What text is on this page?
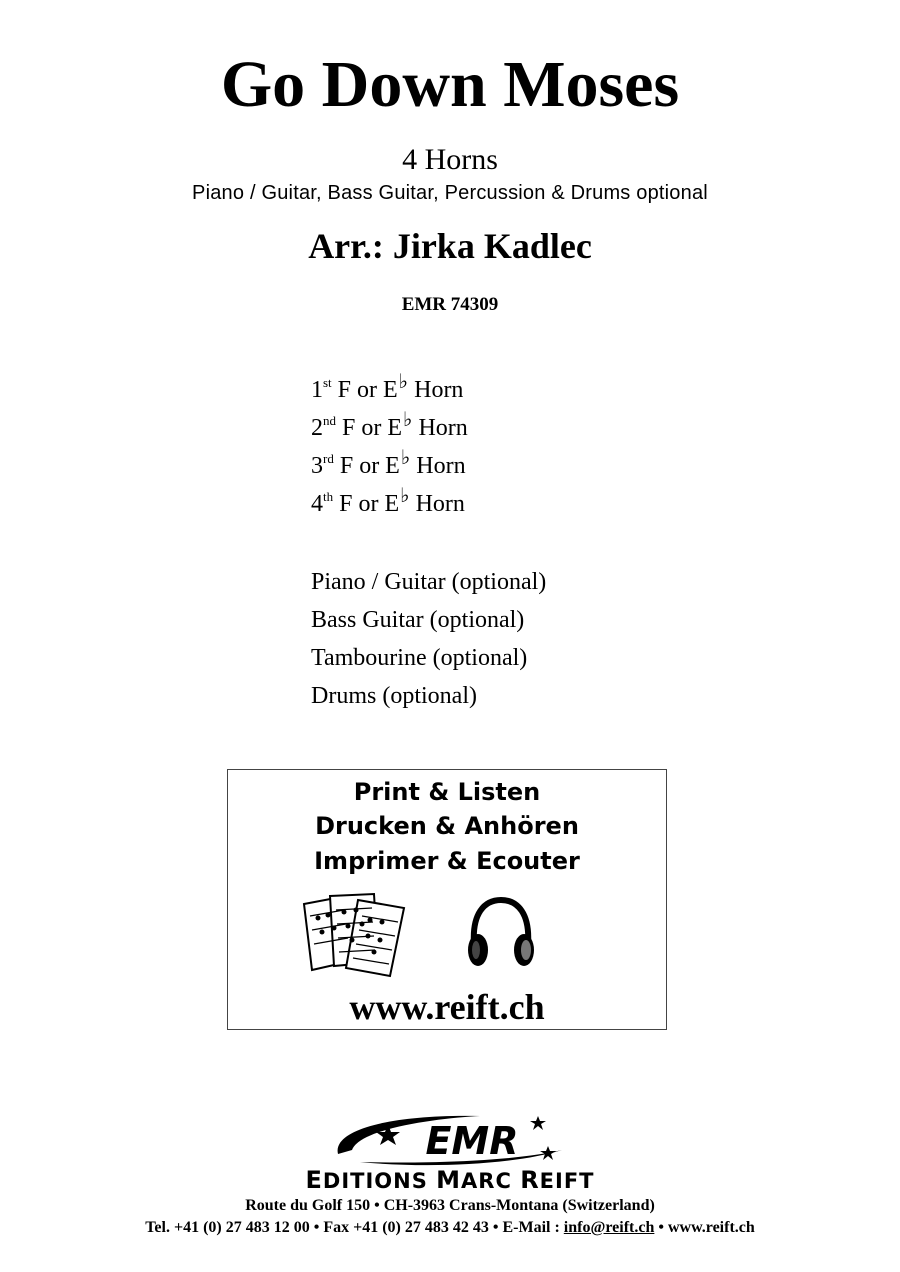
Go Down Moses
4 Horns
Piano / Guitar, Bass Guitar, Percussion & Drums optional
Arr.: Jirka Kadlec
EMR 74309
1st F or E♭ Horn
2nd F or E♭ Horn
3rd F or E♭ Horn
4th F or E♭ Horn
Piano / Guitar (optional)
Bass Guitar (optional)
Tambourine (optional)
Drums (optional)
Print & Listen
Drucken & Anhören
Imprimer & Ecouter
www.reift.ch
EMR
EDITIONS MARC REIFT
Route du Golf 150 • CH-3963 Crans-Montana (Switzerland)
Tel. +41 (0) 27 483 12 00 • Fax +41 (0) 27 483 42 43 • E-Mail : info@reift.ch • www.reift.ch
